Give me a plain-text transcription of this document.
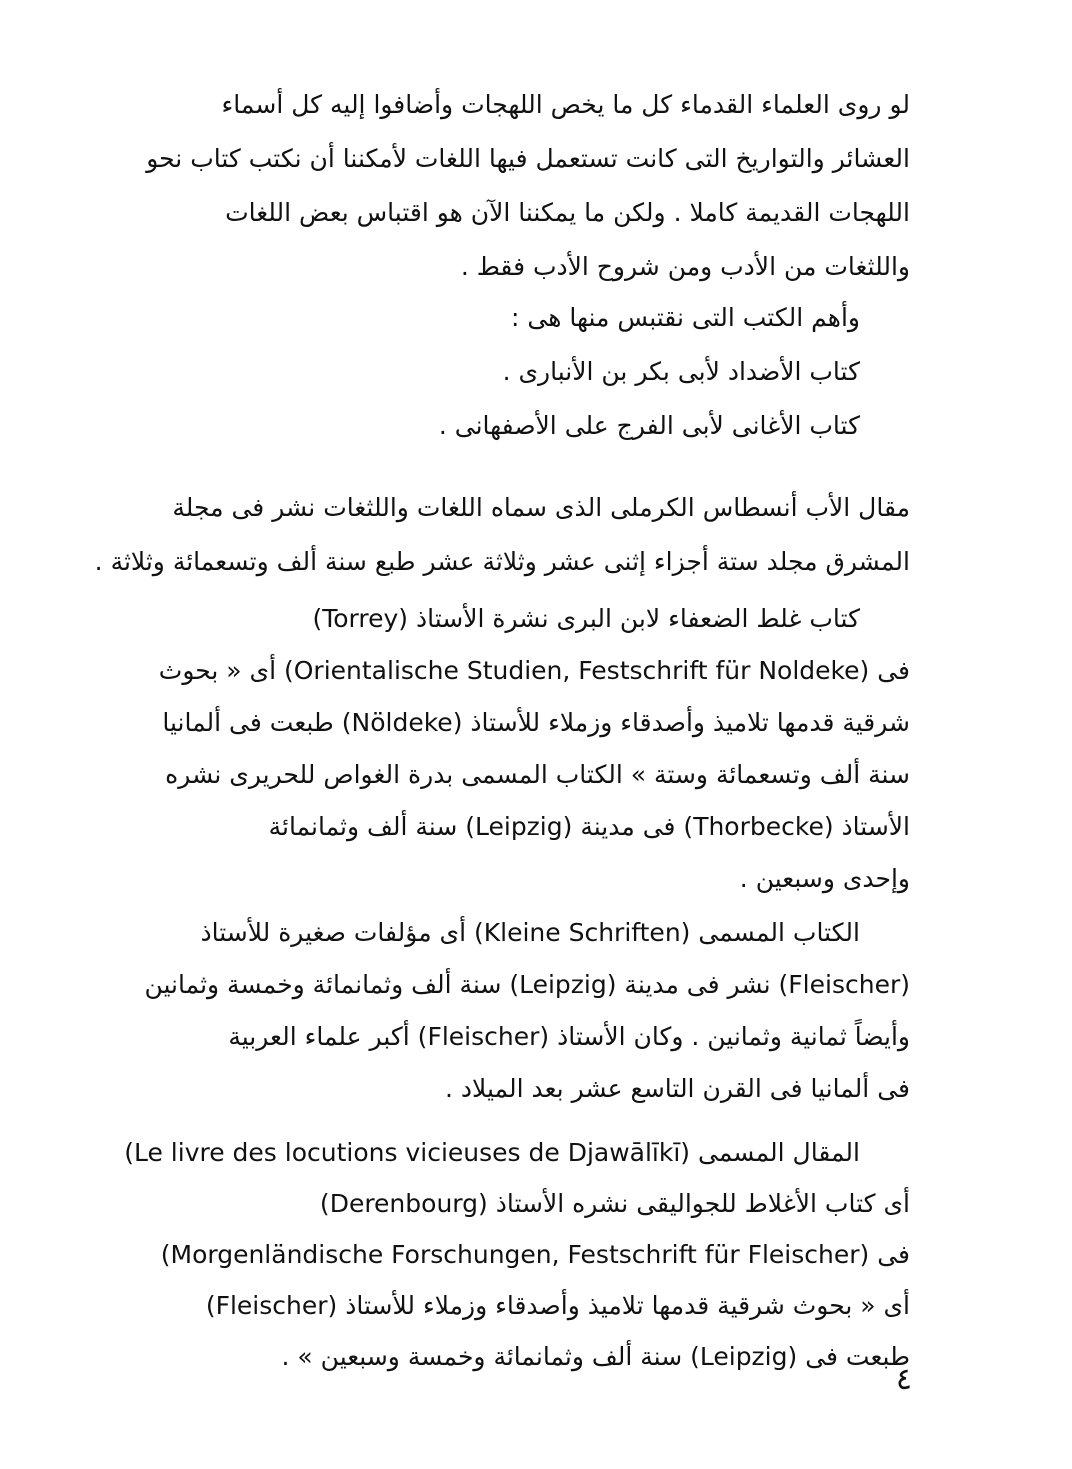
لو روى العلماء القدماء كل ما يخص اللهجات وأضافوا إليه كل أسماء
العشائر والتواريخ التى كانت تستعمل فيها اللغات لأمكننا أن نكتب كتاب نحو
اللهجات القديمة كاملا . ولكن ما يمكننا الآن هو اقتباس بعض اللغات
واللثغات من الأدب ومن شروح الأدب فقط .
وأهم الكتب التى نقتبس منها هى :
كتاب الأضداد لأبى بكر بن الأنبارى .
كتاب الأغانى لأبى الفرج على الأصفهانى .
مقال الأب أنسطاس الكرملى الذى سماه اللغات واللثغات نشر فى مجلة
المشرق مجلد ستة أجزاء إثنى عشر وثلاثة عشر طبع سنة ألف وتسعمائة وثلاثة .
كتاب غلط الضعفاء لابن البرى نشرة الأستاذ (Torrey)
فى (Orientalische Studien, Festschrift für Noldeke) أى « بحوث
شرقية قدمها تلاميذ وأصدقاء وزملاء للأستاذ (Nöldeke) طبعت فى ألمانيا
سنة ألف وتسعمائة وستة » الكتاب المسمى بدرة الغواص للحريرى نشره
الأستاذ (Thorbecke) فى مدينة (Leipzig) سنة ألف وثمانمائة
وإحدى وسبعين .
الكتاب المسمى (Kleine Schriften) أى مؤلفات صغيرة للأستاذ
(Fleischer) نشر فى مدينة (Leipzig) سنة ألف وثمانمائة وخمسة وثمانين
وأيضاً ثمانية وثمانين . وكان الأستاذ (Fleischer) أكبر علماء العربية
فى ألمانيا فى القرن التاسع عشر بعد الميلاد .
المقال المسمى (Le livre des locutions vicieuses de Djawālīkī)
أى كتاب الأغلاط للجواليقى نشره الأستاذ (Derenbourg)
فى (Morgenländische Forschungen, Festschrift für Fleischer)
أى « بحوث شرقية قدمها تلاميذ وأصدقاء وزملاء للأستاذ (Fleischer)
طبعت فى (Leipzig) سنة ألف وثمانمائة وخمسة وسبعين » .
٤
